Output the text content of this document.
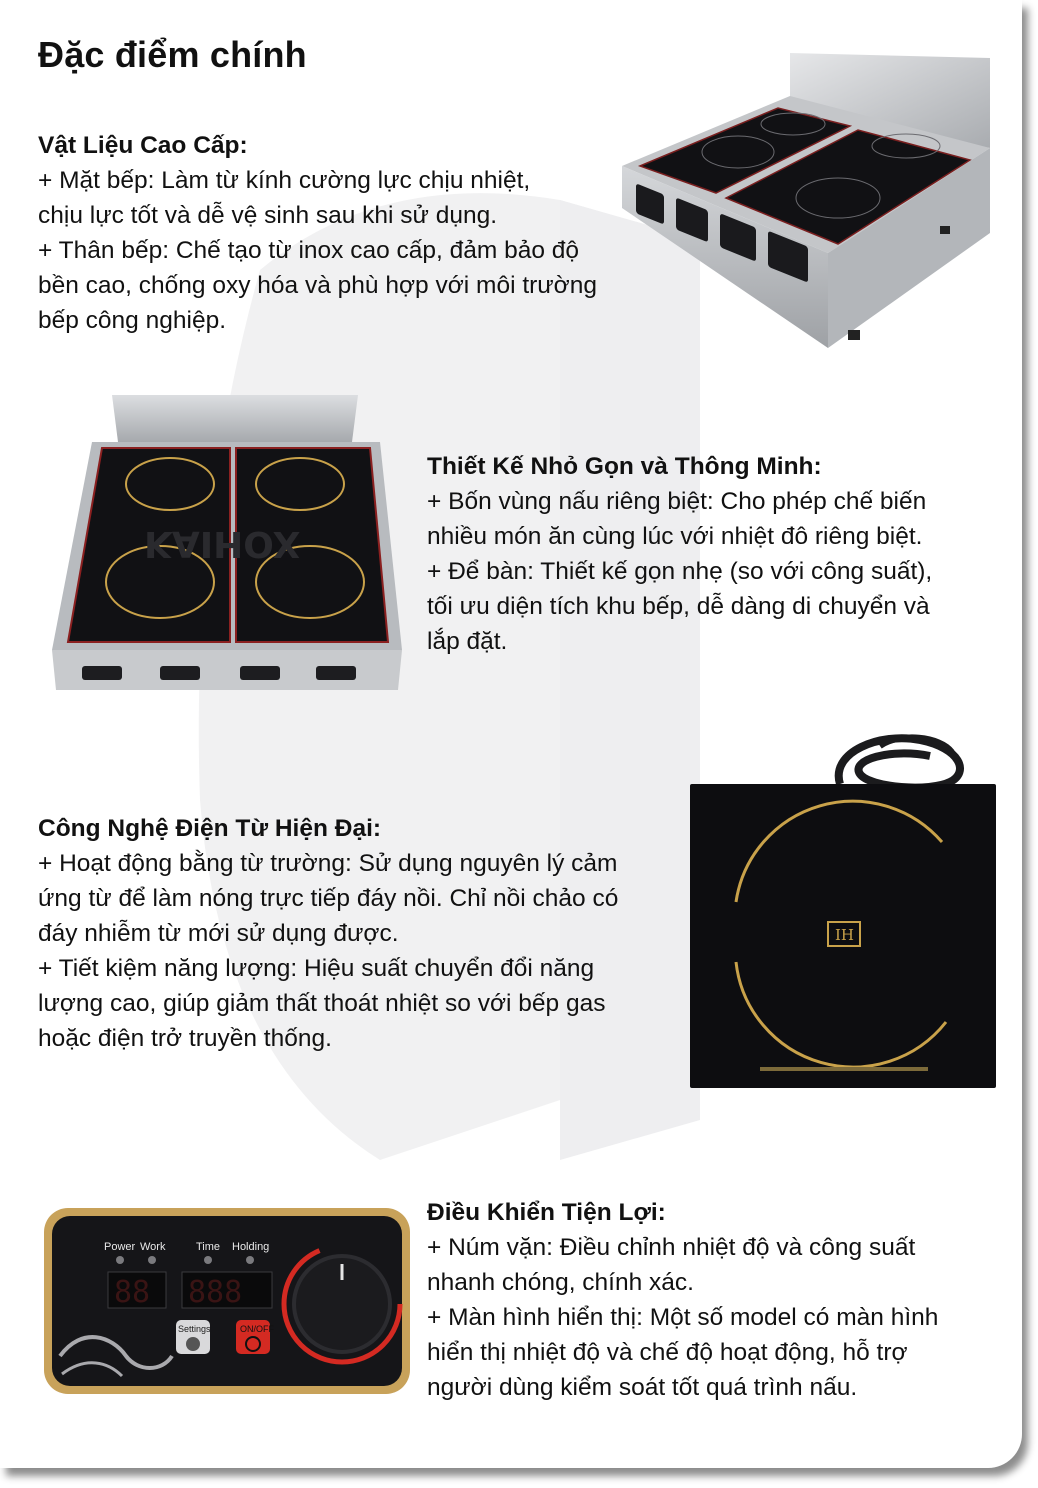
Đặc điểm chính

Vật Liệu Cao Cấp:

+ Mặt bếp: Làm từ kính cường lực chịu nhiệt,

chịu lực tốt và dễ vệ sinh sau khi sử dụng.

+ Thân bếp: Chế tạo từ inox cao cấp, đảm bảo độ

bền cao, chống oxy hóa và phù hợp với môi trường

bếp công nghiệp.

Thiết Kế Nhỏ Gọn và Thông Minh:

+ Bốn vùng nấu riêng biệt: Cho phép chế biến

nhiều món ăn cùng lúc với nhiệt đô riêng biệt.

+ Để bàn: Thiết kế gọn nhẹ (so với công suất),

tối ưu diện tích khu bếp, dễ dàng di chuyển và

lắp đặt.

Công Nghệ Điện Từ Hiện Đại:

+ Hoạt động bằng từ trường: Sử dụng nguyên lý cảm

ứng từ để làm nóng trực tiếp đáy nồi. Chỉ nồi chảo có

đáy nhiễm từ mới sử dụng được.

+ Tiết kiệm năng lượng: Hiệu suất chuyển đổi năng

lượng cao, giúp giảm thất thoát nhiệt so với bếp gas

hoặc điện trở truyền thống.

Điều Khiển Tiện Lợi:

+ Núm vặn: Điều chỉnh nhiệt độ và công suất

nhanh chóng, chính xác.

+ Màn hình hiển thị: Một số model có màn hình

hiển thị nhiệt độ và chế độ hoạt động, hỗ trợ

người dùng kiểm soát tốt quá trình nấu.

KAIHOX
IH
Power Work	Time Holding
88 888
Settings	ON/OFF
